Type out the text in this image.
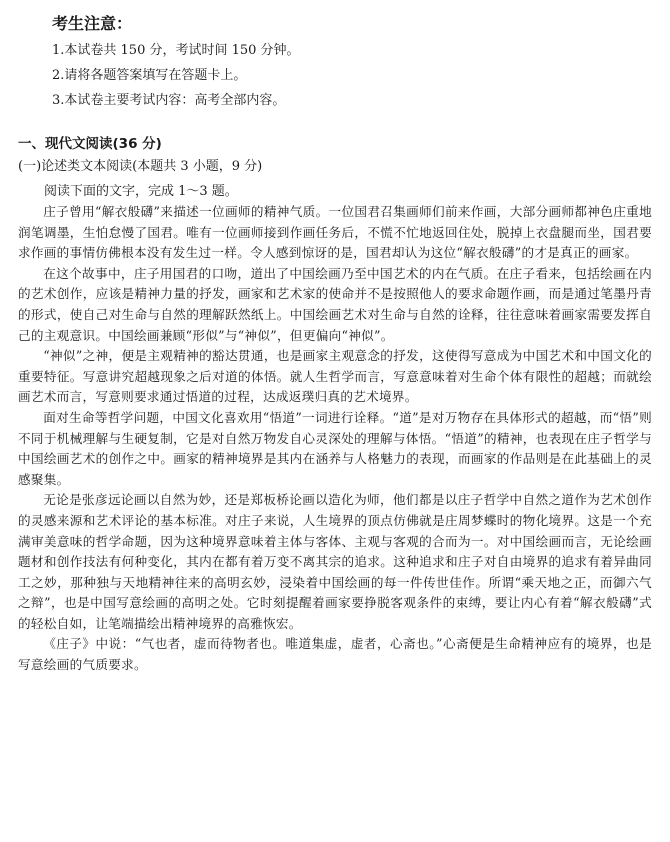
考生注意：
1.本试卷共 150 分，考试时间 150 分钟。
2.请将各题答案填写在答题卡上。
3.本试卷主要考试内容：高考全部内容。
一、现代文阅读(36 分)
(一)论述类文本阅读(本题共 3 小题，9 分)
阅读下面的文字，完成 1～3 题。

庄子曾用“解衣般礴”来描述一位画师的精神气质。一位国君召集画师们前来作画，大部分画师都神色庄重地润笔调墨，生怕怠慢了国君。唯有一位画师接到作画任务后，不慌不忙地返回住处，脱掉上衣盘腿而坐，国君要求作画的事情仿佛根本没有发生过一样。令人感到惊讶的是，国君却认为这位“解衣般礴”的才是真正的画家。

在这个故事中，庄子用国君的口吻，道出了中国绘画乃至中国艺术的内在气质。在庄子看来，包括绘画在内的艺术创作，应该是精神力量的抒发，画家和艺术家的使命并不是按照他人的要求命题作画，而是通过笔墨丹青的形式，使自己对生命与自然的理解跃然纸上。中国绘画艺术对生命与自然的诠释，往往意味着画家需要发挥自己的主观意识。中国绘画兼顾“形似”与“神似”，但更偏向“神似”。

“神似”之神，便是主观精神的豁达贯通，也是画家主观意念的抒发，这使得写意成为中国艺术和中国文化的重要特征。写意讲究超越现象之后对道的体悟。就人生哲学而言，写意意味着对生命个体有限性的超越；而就绘画艺术而言，写意则要求通过悟道的过程，达成返璞归真的艺术境界。

面对生命等哲学问题，中国文化喜欢用“悟道”一词进行诠释。“道”是对万物存在具体形式的超越，而“悟”则不同于机械理解与生硬复制，它是对自然万物发自心灵深处的理解与体悟。“悟道”的精神，也表现在庄子哲学与中国绘画艺术的创作之中。画家的精神境界是其内在涵养与人格魅力的表现，而画家的作品则是在此基础上的灵感聚集。

无论是张彦远论画以自然为妙，还是郑板桥论画以造化为师，他们都是以庄子哲学中自然之道作为艺术创作的灵感来源和艺术评论的基本标准。对庄子来说，人生境界的顶点仿佛就是庄周梦蝶时的物化境界。这是一个充满审美意味的哲学命题，因为这种境界意味着主体与客体、主观与客观的合而为一。对中国绘画而言，无论绘画题材和创作技法有何种变化，其内在都有着万变不离其宗的追求。这种追求和庄子对自由境界的追求有着异曲同工之妙，那种独与天地精神往来的高明玄妙，浸染着中国绘画的每一件传世佳作。所谓“乘天地之正，而御六气之辩”，也是中国写意绘画的高明之处。它时刻提醒着画家要挣脱客观条件的束缚，要让内心有着“解衣般礴”式的轻松自如，让笔端描绘出精神境界的高雅恢宏。

《庄子》中说：“气也者，虚而待物者也。唯道集虚，虚者，心斋也。”心斋便是生命精神应有的境界，也是写意绘画的气质要求。
